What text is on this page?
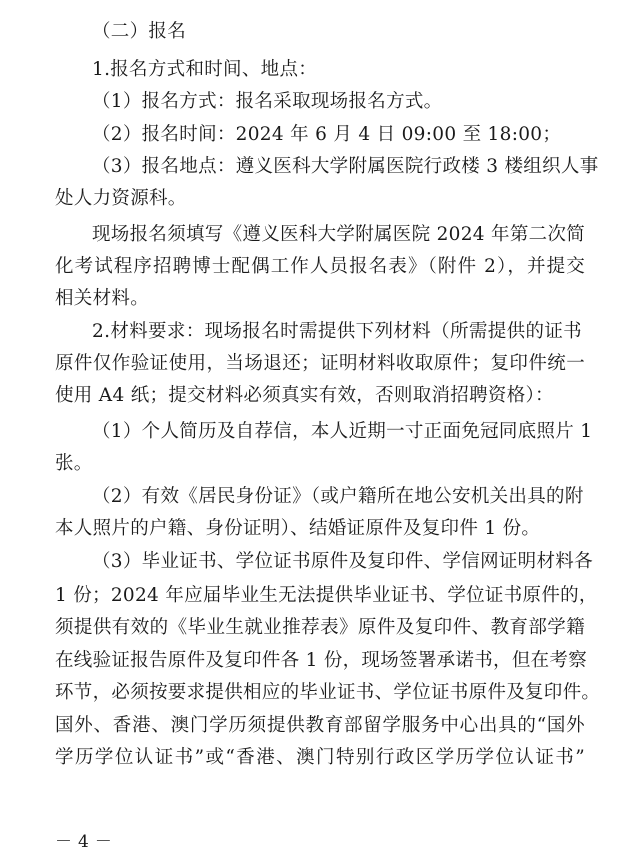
（二）报名
1.报名方式和时间、地点：
（1）报名方式：报名采取现场报名方式。
（2）报名时间：2024 年 6 月 4 日 09:00 至 18:00；
（3）报名地点：遵义医科大学附属医院行政楼 3 楼组织人事
处人力资源科。
现场报名须填写《遵义医科大学附属医院 2024 年第二次简
化考试程序招聘博士配偶工作人员报名表》（附件 2），并提交
相关材料。
2.材料要求：现场报名时需提供下列材料（所需提供的证书
原件仅作验证使用，当场退还；证明材料收取原件；复印件统一
使用 A4 纸；提交材料必须真实有效，否则取消招聘资格）：
（1）个人简历及自荐信，本人近期一寸正面免冠同底照片 1
张。
（2）有效《居民身份证》（或户籍所在地公安机关出具的附
本人照片的户籍、身份证明）、结婚证原件及复印件 1 份。
（3）毕业证书、学位证书原件及复印件、学信网证明材料各
1 份；2024 年应届毕业生无法提供毕业证书、学位证书原件的，
须提供有效的《毕业生就业推荐表》原件及复印件、教育部学籍
在线验证报告原件及复印件各 1 份，现场签署承诺书，但在考察
环节，必须按要求提供相应的毕业证书、学位证书原件及复印件。
国外、香港、澳门学历须提供教育部留学服务中心出具的“国外
学历学位认证书”或“香港、澳门特别行政区学历学位认证书”
－ 4 －
